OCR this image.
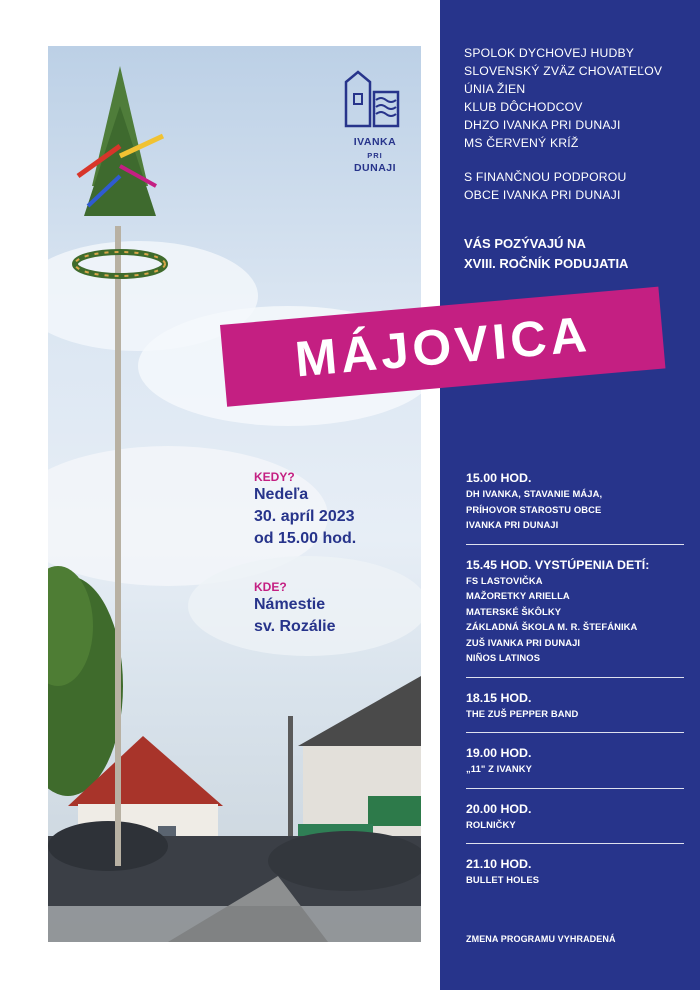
IVANKA
PRI
DUNAJI
SPOLOK DYCHOVEJ HUDBY
SLOVENSKÝ ZVÄZ CHOVATEĽOV
ÚNIA ŽIEN
KLUB DÔCHODCOV
DHZO IVANKA PRI DUNAJI
MS ČERVENÝ KRÍŽ
S FINANČNOU PODPOROU
OBCE IVANKA PRI DUNAJI
VÁS POZÝVAJÚ NA
XVIII. ROČNÍK PODUJATIA
15.00 HOD.
DH IVANKA, STAVANIE MÁJA,
PRÍHOVOR STAROSTU OBCE
IVANKA PRI DUNAJI
15.45 HOD. VYSTÚPENIA DETÍ:
FS LASTOVIČKA
MAŽORETKY ARIELLA
MATERSKÉ ŠKÔLKY
ZÁKLADNÁ ŠKOLA M. R. ŠTEFÁNIKA
ZUŠ IVANKA PRI DUNAJI
NIÑOS LATINOS
18.15 HOD.
THE ZUŠ PEPPER BAND
19.00 HOD.
„11" Z IVANKY
20.00 HOD.
ROLNIČKY
21.10 HOD.
BULLET HOLES
ZMENA PROGRAMU VYHRADENÁ
MÁJOVICA
KEDY?
Nedeľa
30. apríl 2023
od 15.00 hod.
KDE?
Námestie
sv. Rozálie
